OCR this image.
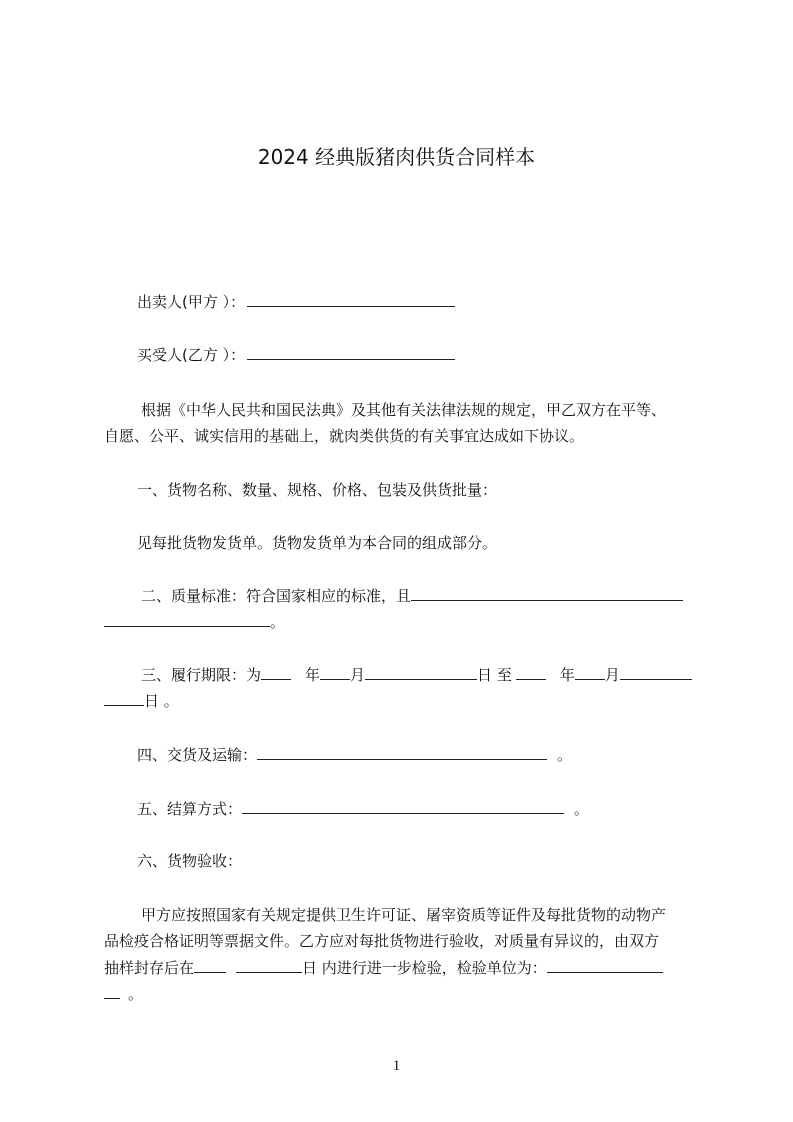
2024 经典版猪肉供货合同样本
出卖人(甲方 ）：
买受人(乙方 ）：
根据《中华人民共和国民法典》及其他有关法律法规的规定，甲乙双方在平等、
自愿、公平、诚实信用的基础上，就肉类供货的有关事宜达成如下协议。
一、货物名称、数量、规格、价格、包装及供货批量：
见每批货物发货单。货物发货单为本合同的组成部分。
二、质量标准：符合国家相应的标准，且
。
三、履行期限：为	年 月	日 至	年 月
日 。
四、交货及运输：	。
五、结算方式：	。
六、货物验收：
甲方应按照国家有关规定提供卫生许可证、屠宰资质等证件及每批货物的动物产
品检疫合格证明等票据文件。乙方应对每批货物进行验收，对质量有异议的，由双方
抽样封存后在	日 内进行进一步检验，检验单位为：
。
1
